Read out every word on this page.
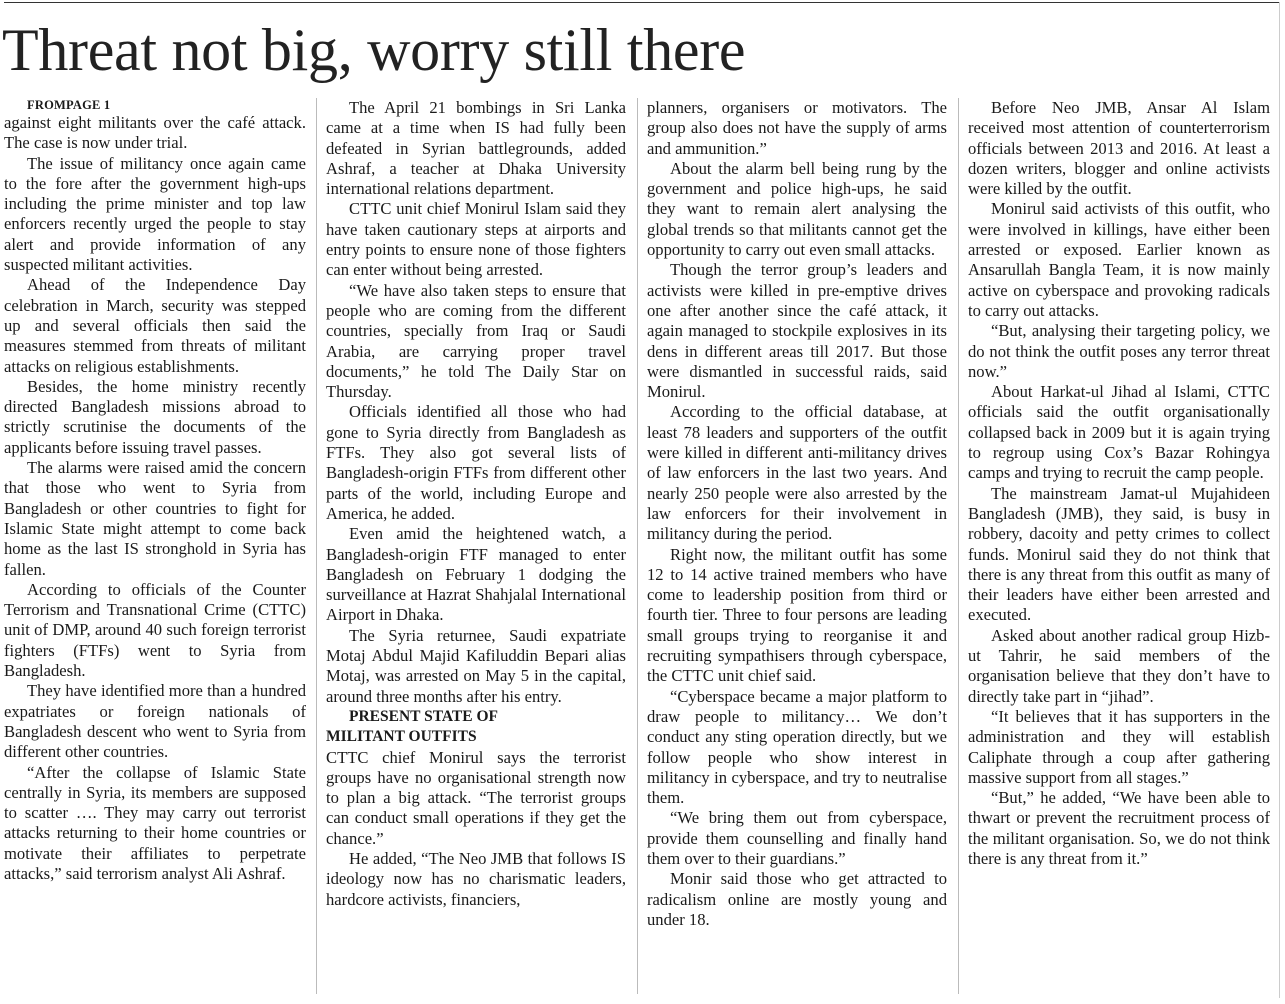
Threat not big, worry still there

FROMPAGE 1

against eight militants over the café attack. The case is now under trial.

The issue of militancy once again came to the fore after the government high-ups including the prime minister and top law enforcers recently urged the people to stay alert and provide information of any suspected militant activities.

Ahead of the Independence Day celebration in March, security was stepped up and several officials then said the measures stemmed from threats of militant attacks on religious establishments.

Besides, the home ministry recently directed Bangladesh missions abroad to strictly scrutinise the documents of the applicants before issuing travel passes.

The alarms were raised amid the concern that those who went to Syria from Bangladesh or other countries to fight for Islamic State might attempt to come back home as the last IS stronghold in Syria has fallen.

According to officials of the Counter Terrorism and Transnational Crime (CTTC) unit of DMP, around 40 such foreign terrorist fighters (FTFs) went to Syria from Bangladesh.

They have identified more than a hundred expatriates or foreign nationals of Bangladesh descent who went to Syria from different other countries.

“After the collapse of Islamic State centrally in Syria, its members are supposed to scatter …. They may carry out terrorist attacks returning to their home countries or motivate their affiliates to perpetrate attacks,” said terrorism analyst Ali Ashraf.

The April 21 bombings in Sri Lanka came at a time when IS had fully been defeated in Syrian battlegrounds, added Ashraf, a teacher at Dhaka University international relations department.

CTTC unit chief Monirul Islam said they have taken cautionary steps at airports and entry points to ensure none of those fighters can enter without being arrested.

“We have also taken steps to ensure that people who are coming from the different countries, specially from Iraq or Saudi Arabia, are carrying proper travel documents,” he told The Daily Star on Thursday.

Officials identified all those who had gone to Syria directly from Bangladesh as FTFs. They also got several lists of Bangladesh-origin FTFs from different other parts of the world, including Europe and America, he added.

Even amid the heightened watch, a Bangladesh-origin FTF managed to enter Bangladesh on February 1 dodging the surveillance at Hazrat Shahjalal International Airport in Dhaka.

The Syria returnee, Saudi expatriate Motaj Abdul Majid Kafiluddin Bepari alias Motaj, was arrested on May 5 in the capital, around three months after his entry.

PRESENT STATE OF
MILITANT OUTFITS

CTTC chief Monirul says the terrorist groups have no organisational strength now to plan a big attack. “The terrorist groups can conduct small operations if they get the chance.”

He added, “The Neo JMB that follows IS ideology now has no charismatic leaders, hardcore activists, financiers,

planners, organisers or motivators. The group also does not have the supply of arms and ammunition.”

About the alarm bell being rung by the government and police high-ups, he said they want to remain alert analysing the global trends so that militants cannot get the opportunity to carry out even small attacks.

Though the terror group’s leaders and activists were killed in pre-emptive drives one after another since the café attack, it again managed to stockpile explosives in its dens in different areas till 2017. But those were dismantled in successful raids, said Monirul.

According to the official database, at least 78 leaders and supporters of the outfit were killed in different anti-militancy drives of law enforcers in the last two years. And nearly 250 people were also arrested by the law enforcers for their involvement in militancy during the period.

Right now, the militant outfit has some 12 to 14 active trained members who have come to leadership position from third or fourth tier. Three to four persons are leading small groups trying to reorganise it and recruiting sympathisers through cyberspace, the CTTC unit chief said.

“Cyberspace became a major platform to draw people to militancy… We don’t conduct any sting operation directly, but we follow people who show interest in militancy in cyberspace, and try to neutralise them.

“We bring them out from cyberspace, provide them counselling and finally hand them over to their guardians.”

Monir said those who get attracted to radicalism online are mostly young and under 18.

Before Neo JMB, Ansar Al Islam received most attention of counterterrorism officials between 2013 and 2016. At least a dozen writers, blogger and online activists were killed by the outfit.

Monirul said activists of this outfit, who were involved in killings, have either been arrested or exposed. Earlier known as Ansarullah Bangla Team, it is now mainly active on cyberspace and provoking radicals to carry out attacks.

“But, analysing their targeting policy, we do not think the outfit poses any terror threat now.”

About Harkat-ul Jihad al Islami, CTTC officials said the outfit organisationally collapsed back in 2009 but it is again trying to regroup using Cox’s Bazar Rohingya camps and trying to recruit the camp people.

The mainstream Jamat-ul Mujahideen Bangladesh (JMB), they said, is busy in robbery, dacoity and petty crimes to collect funds. Monirul said they do not think that there is any threat from this outfit as many of their leaders have either been arrested and executed.

Asked about another radical group Hizb-ut Tahrir, he said members of the organisation believe that they don’t have to directly take part in “jihad”.

“It believes that it has supporters in the administration and they will establish Caliphate through a coup after gathering massive support from all stages.”

“But,” he added, “We have been able to thwart or prevent the recruitment process of the militant organisation. So, we do not think there is any threat from it.”
